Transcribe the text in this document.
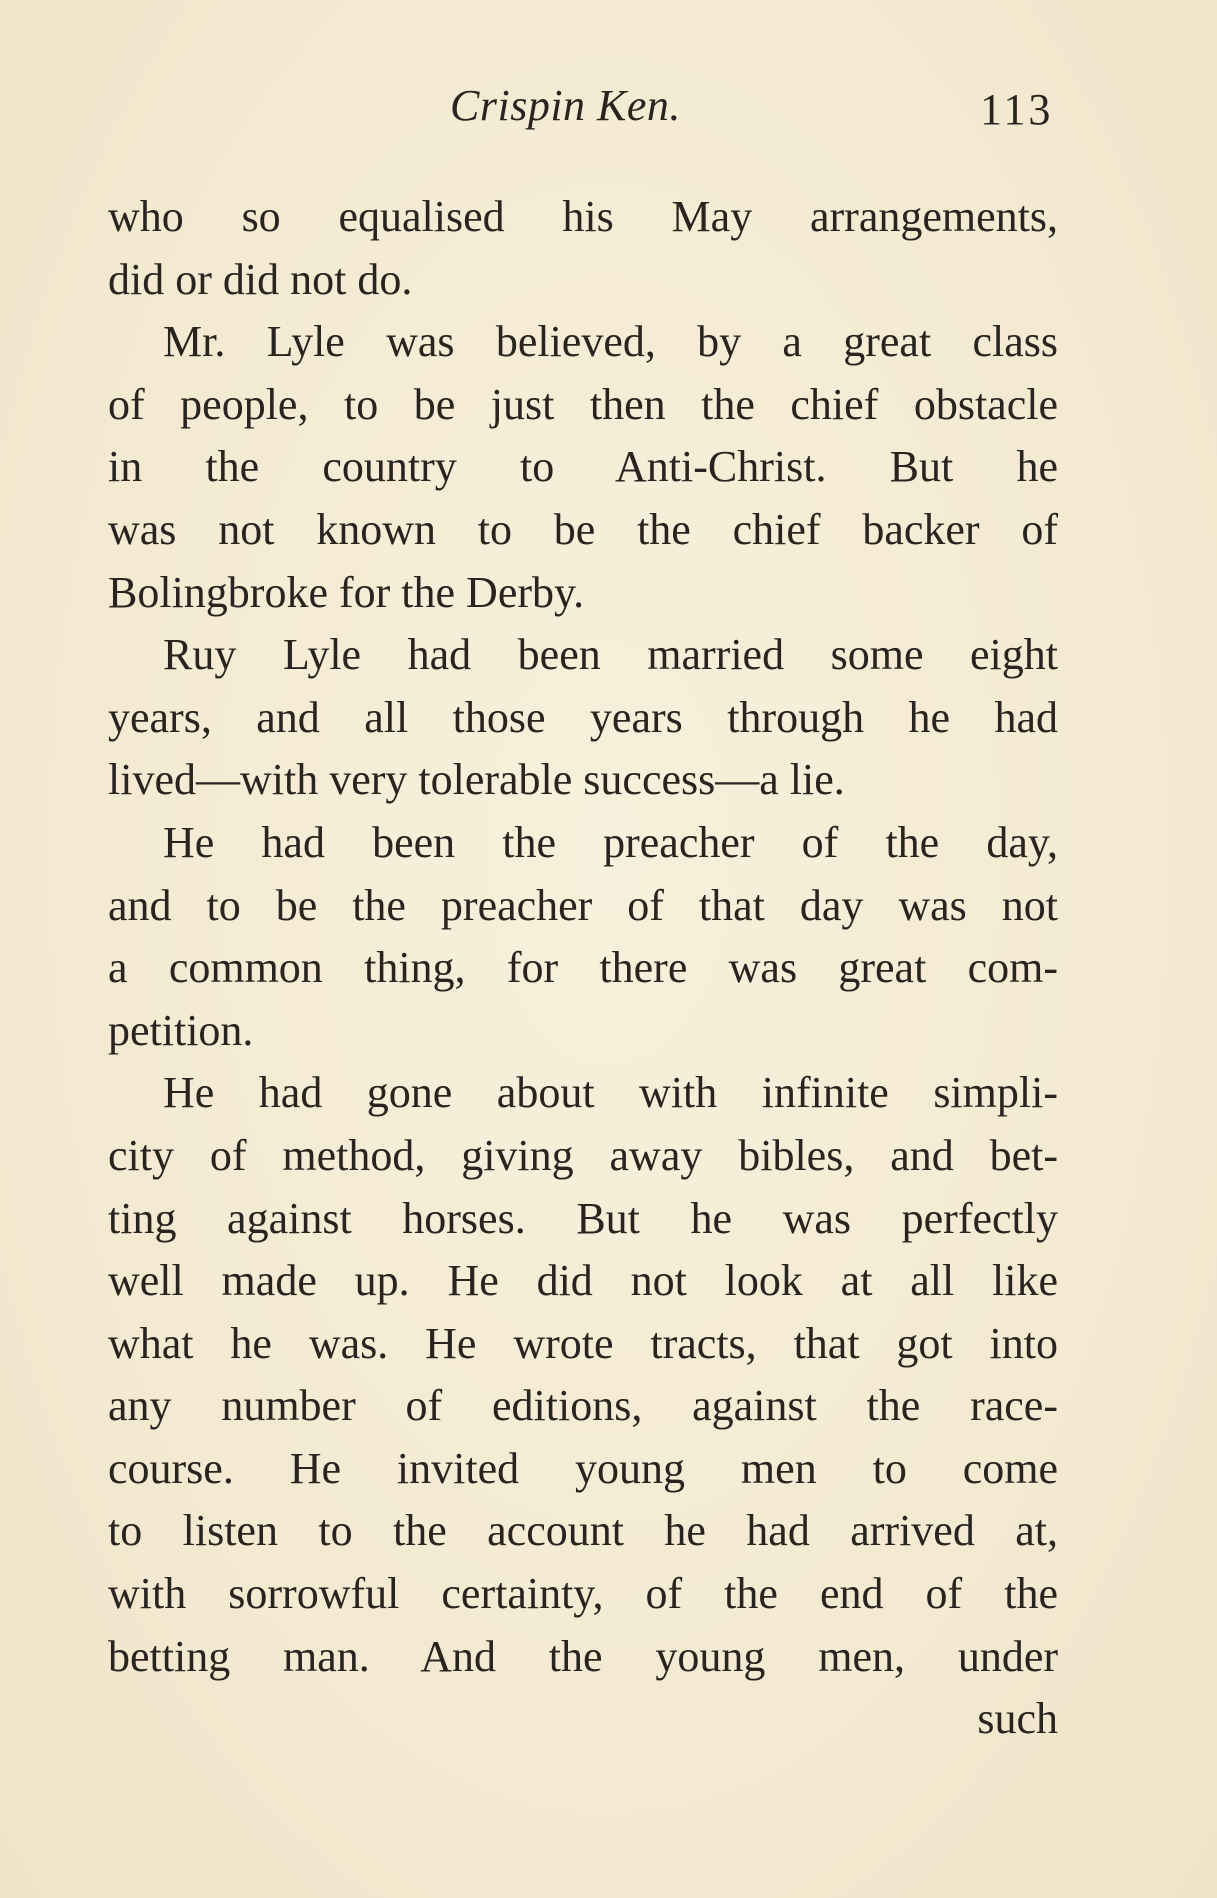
Crispin Ken.	113
who so equalised his May arrangements,
did or did not do.
Mr. Lyle was believed, by a great class
of people, to be just then the chief obstacle
in the country to Anti-Christ. But he
was not known to be the chief backer of
Bolingbroke for the Derby.
Ruy Lyle had been married some eight
years, and all those years through he had
lived—with very tolerable success—a lie.
He had been the preacher of the day,
and to be the preacher of that day was not
a common thing, for there was great com-
petition.
He had gone about with infinite simpli-
city of method, giving away bibles, and bet-
ting against horses. But he was perfectly
well made up. He did not look at all like
what he was. He wrote tracts, that got into
any number of editions, against the race-
course. He invited young men to come
to listen to the account he had arrived at,
with sorrowful certainty, of the end of the
betting man. And the young men, under
such
